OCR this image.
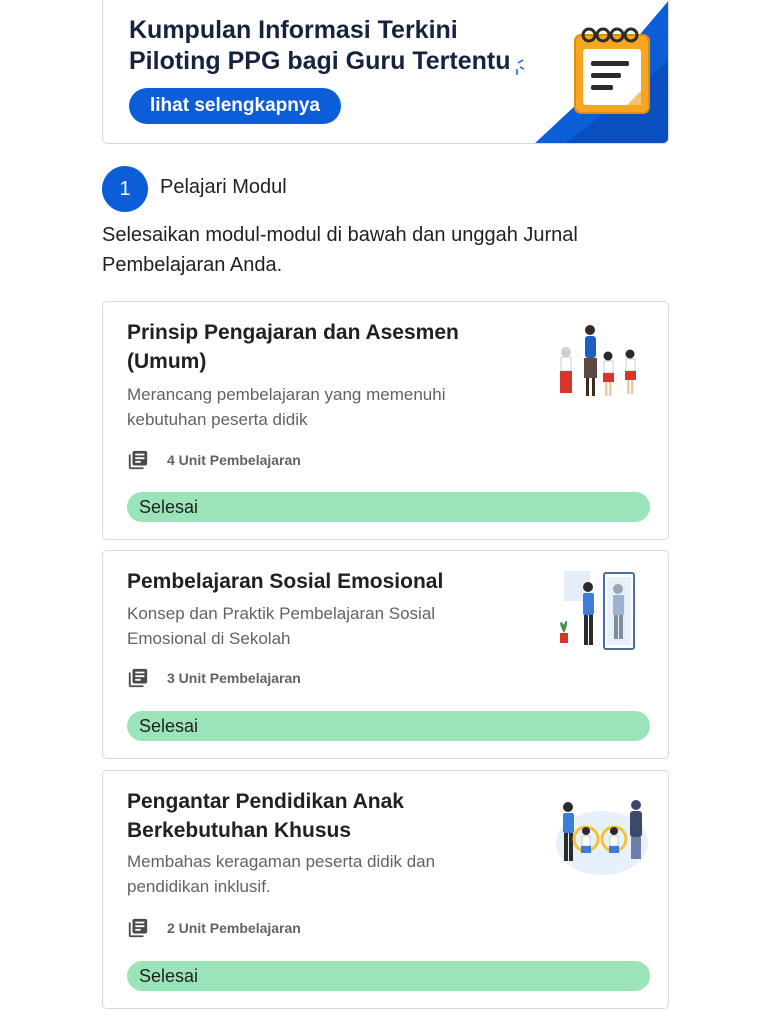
Kumpulan Informasi Terkini
Piloting PPG bagi Guru Tertentu
lihat selengkapnya
1	Pelajari Modul
Selesaikan modul-modul di bawah dan unggah Jurnal Pembelajaran Anda.
Prinsip Pengajaran dan Asesmen (Umum)
Merancang pembelajaran yang memenuhi kebutuhan peserta didik
4 Unit Pembelajaran
Selesai
Pembelajaran Sosial Emosional
Konsep dan Praktik Pembelajaran Sosial Emosional di Sekolah
3 Unit Pembelajaran
Selesai
Pengantar Pendidikan Anak Berkebutuhan Khusus
Membahas keragaman peserta didik dan pendidikan inklusif.
2 Unit Pembelajaran
Selesai
